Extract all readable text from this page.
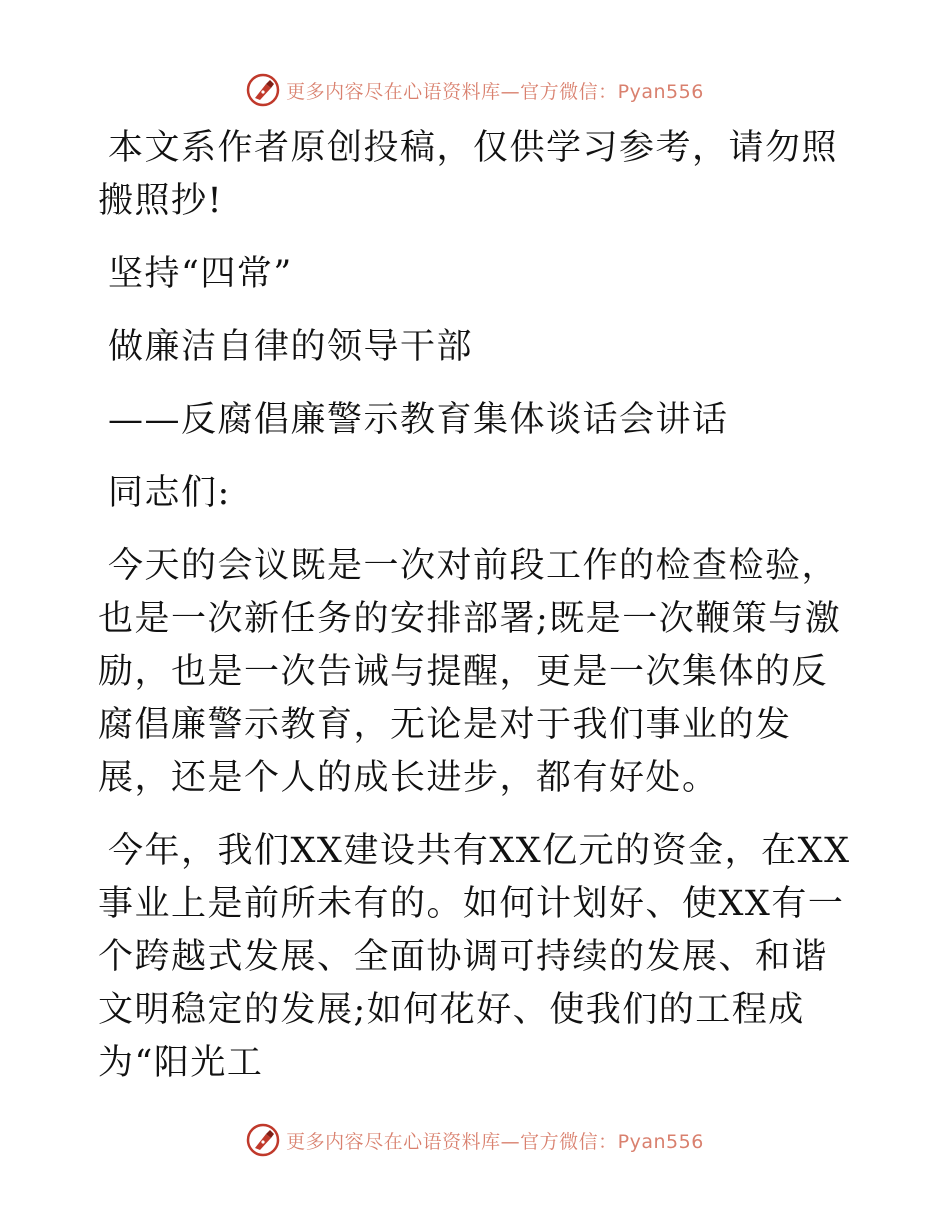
更多内容尽在心语资料库—官方微信：Pyan556

本文系作者原创投稿，仅供学习参考，请勿照搬照抄!

坚持“四常”

做廉洁自律的领导干部

——反腐倡廉警示教育集体谈话会讲话

同志们:

今天的会议既是一次对前段工作的检查检验，也是一次新任务的安排部署;既是一次鞭策与激励，也是一次告诫与提醒，更是一次集体的反腐倡廉警示教育，无论是对于我们事业的发展，还是个人的成长进步，都有好处。

今年，我们XX建设共有XX亿元的资金，在XX事业上是前所未有的。如何计划好、使XX有一个跨越式发展、全面协调可持续的发展、和谐文明稳定的发展;如何花好、使我们的工程成为“阳光工

更多内容尽在心语资料库—官方微信：Pyan556
